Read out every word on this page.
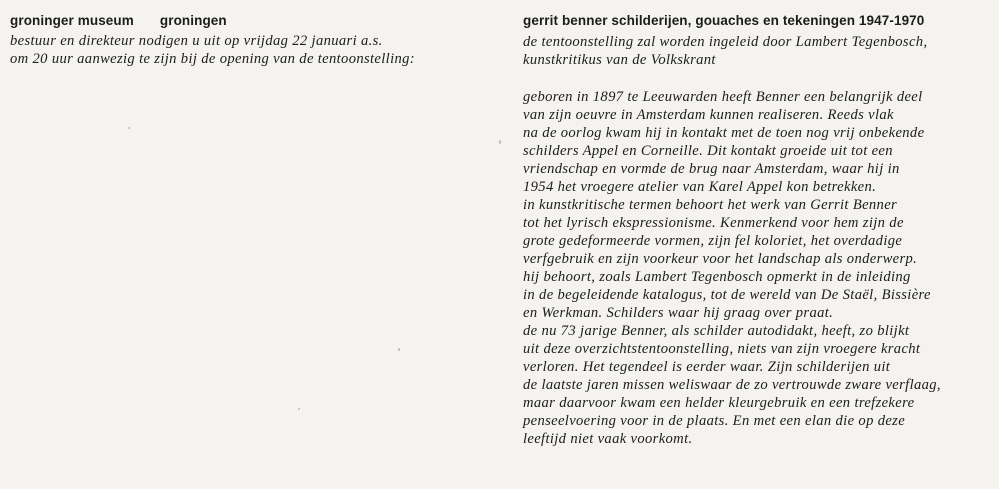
groninger museum groningen
bestuur en direkteur nodigen u uit op vrijdag 22 januari a.s.
om 20 uur aanwezig te zijn bij de opening van de tentoonstelling:
gerrit benner schilderijen, gouaches en tekeningen 1947-1970
de tentoonstelling zal worden ingeleid door Lambert Tegenbosch,
kunstkritikus van de Volkskrant
geboren in 1897 te Leeuwarden heeft Benner een belangrijk deel
van zijn oeuvre in Amsterdam kunnen realiseren. Reeds vlak
na de oorlog kwam hij in kontakt met de toen nog vrij onbekende
schilders Appel en Corneille. Dit kontakt groeide uit tot een
vriendschap en vormde de brug naar Amsterdam, waar hij in
1954 het vroegere atelier van Karel Appel kon betrekken.
in kunstkritische termen behoort het werk van Gerrit Benner
tot het lyrisch ekspressionisme. Kenmerkend voor hem zijn de
grote gedeformeerde vormen, zijn fel koloriet, het overdadige
verfgebruik en zijn voorkeur voor het landschap als onderwerp.
hij behoort, zoals Lambert Tegenbosch opmerkt in de inleiding
in de begeleidende katalogus, tot de wereld van De Staël, Bissière
en Werkman. Schilders waar hij graag over praat.
de nu 73 jarige Benner, als schilder autodidakt, heeft, zo blijkt
uit deze overzichtstentoonstelling, niets van zijn vroegere kracht
verloren. Het tegendeel is eerder waar. Zijn schilderijen uit
de laatste jaren missen weliswaar de zo vertrouwde zware verflaag,
maar daarvoor kwam een helder kleurgebruik en een trefzekere
penseelvoering voor in de plaats. En met een elan die op deze
leeftijd niet vaak voorkomt.
